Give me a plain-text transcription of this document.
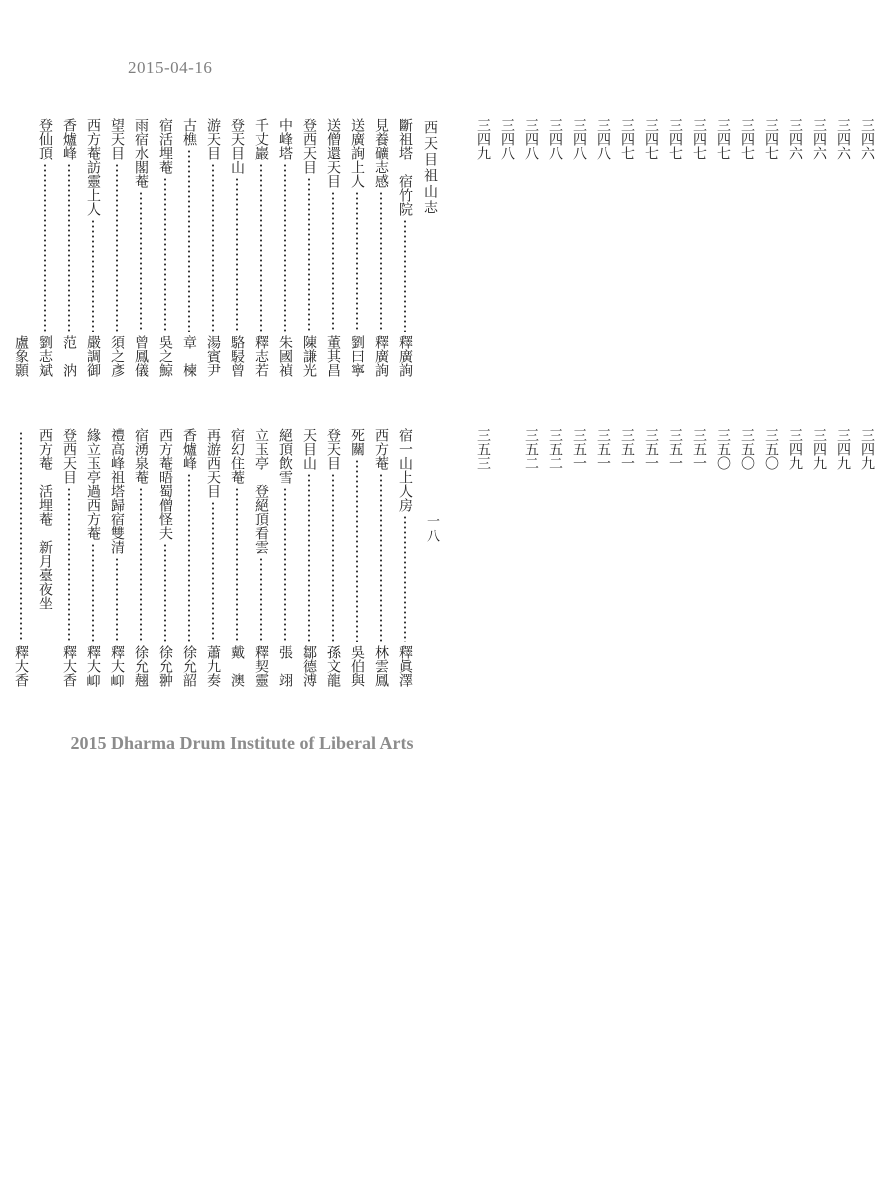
2015-04-16
西天目祖山志
一八
斷祖塔　宿竹院
釋廣詢
三四六
見養礦志感
釋廣詢
三四六
送廣詢上人
劉曰寧
三四六
送僧還天目
董其昌
三四六
登西天目
陳謙光
三四七
中峰塔
朱國禎
三四七
千丈巖
釋志若
三四七
登天目山
駱駸曾
三四七
游天目
湯賓尹
三四七
古樵
章　楝
三四七
宿活埋菴
吳之鯨
三四七
雨宿水閣菴
曾鳳儀
三四八
望天目
須之彥
三四八
西方菴訪靈上人
嚴調御
三四八
香爐峰
范　汭
三四八
登仙頂
劉志斌
三四八
盧象顥
三四九
宿一山上人房
釋眞澤
三四九
西方菴
林雲鳳
三四九
死關
吳伯與
三四九
登天目
孫文龍
三四九
天目山
鄒德溥
三五〇
絕頂飲雪
張　翊
三五〇
立玉亭　登絕頂看雲
釋契靈
三五〇
宿幻住菴
戴　澳
三五一
再游西天目
蕭九奏
三五一
香爐峰
徐允韶
三五一
西方菴晤蜀僧怪夫
徐允翀
三五一
宿湧泉菴
徐允翹
三五一
禮高峰祖塔歸宿雙清
釋大𡵙
三五一
緣立玉亭過西方菴
釋大𡵙
三五二
登西天目
釋大香
三五二
西方菴　活埋菴　新月臺夜坐
釋大香
三五三
2015 Dharma Drum Institute of Liberal Arts
